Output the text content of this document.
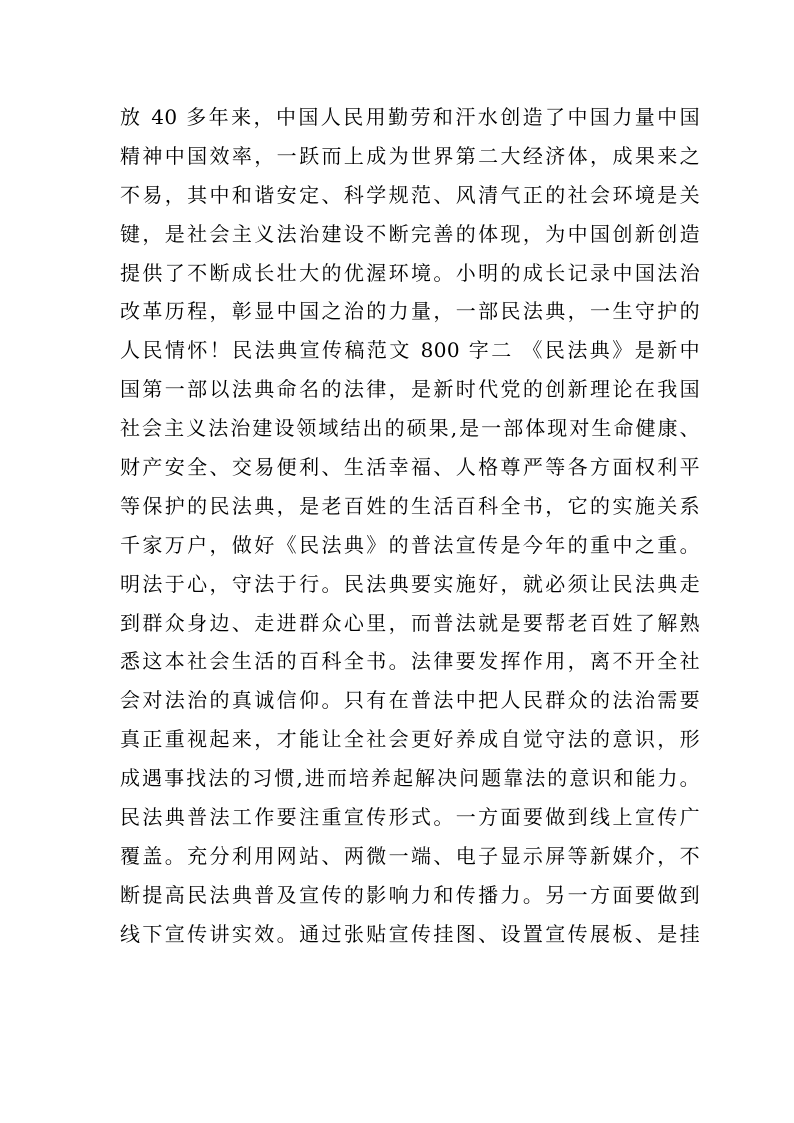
放 40 多年来，中国人民用勤劳和汗水创造了中国力量中国
精神中国效率，一跃而上成为世界第二大经济体，成果来之
不易，其中和谐安定、科学规范、风清气正的社会环境是关
键，是社会主义法治建设不断完善的体现，为中国创新创造
提供了不断成长壮大的优渥环境。小明的成长记录中国法治
改革历程，彰显中国之治的力量，一部民法典，一生守护的
人民情怀！民法典宣传稿范文 800 字二 《民法典》是新中
国第一部以法典命名的法律，是新时代党的创新理论在我国
社会主义法治建设领域结出的硕果,是一部体现对生命健康、
财产安全、交易便利、生活幸福、人格尊严等各方面权利平
等保护的民法典，是老百姓的生活百科全书，它的实施关系
千家万户，做好《民法典》的普法宣传是今年的重中之重。
明法于心，守法于行。民法典要实施好，就必须让民法典走
到群众身边、走进群众心里，而普法就是要帮老百姓了解熟
悉这本社会生活的百科全书。法律要发挥作用，离不开全社
会对法治的真诚信仰。只有在普法中把人民群众的法治需要
真正重视起来，才能让全社会更好养成自觉守法的意识，形
成遇事找法的习惯,进而培养起解决问题靠法的意识和能力。
民法典普法工作要注重宣传形式。一方面要做到线上宣传广
覆盖。充分利用网站、两微一端、电子显示屏等新媒介，不
断提高民法典普及宣传的影响力和传播力。另一方面要做到
线下宣传讲实效。通过张贴宣传挂图、设置宣传展板、是挂
